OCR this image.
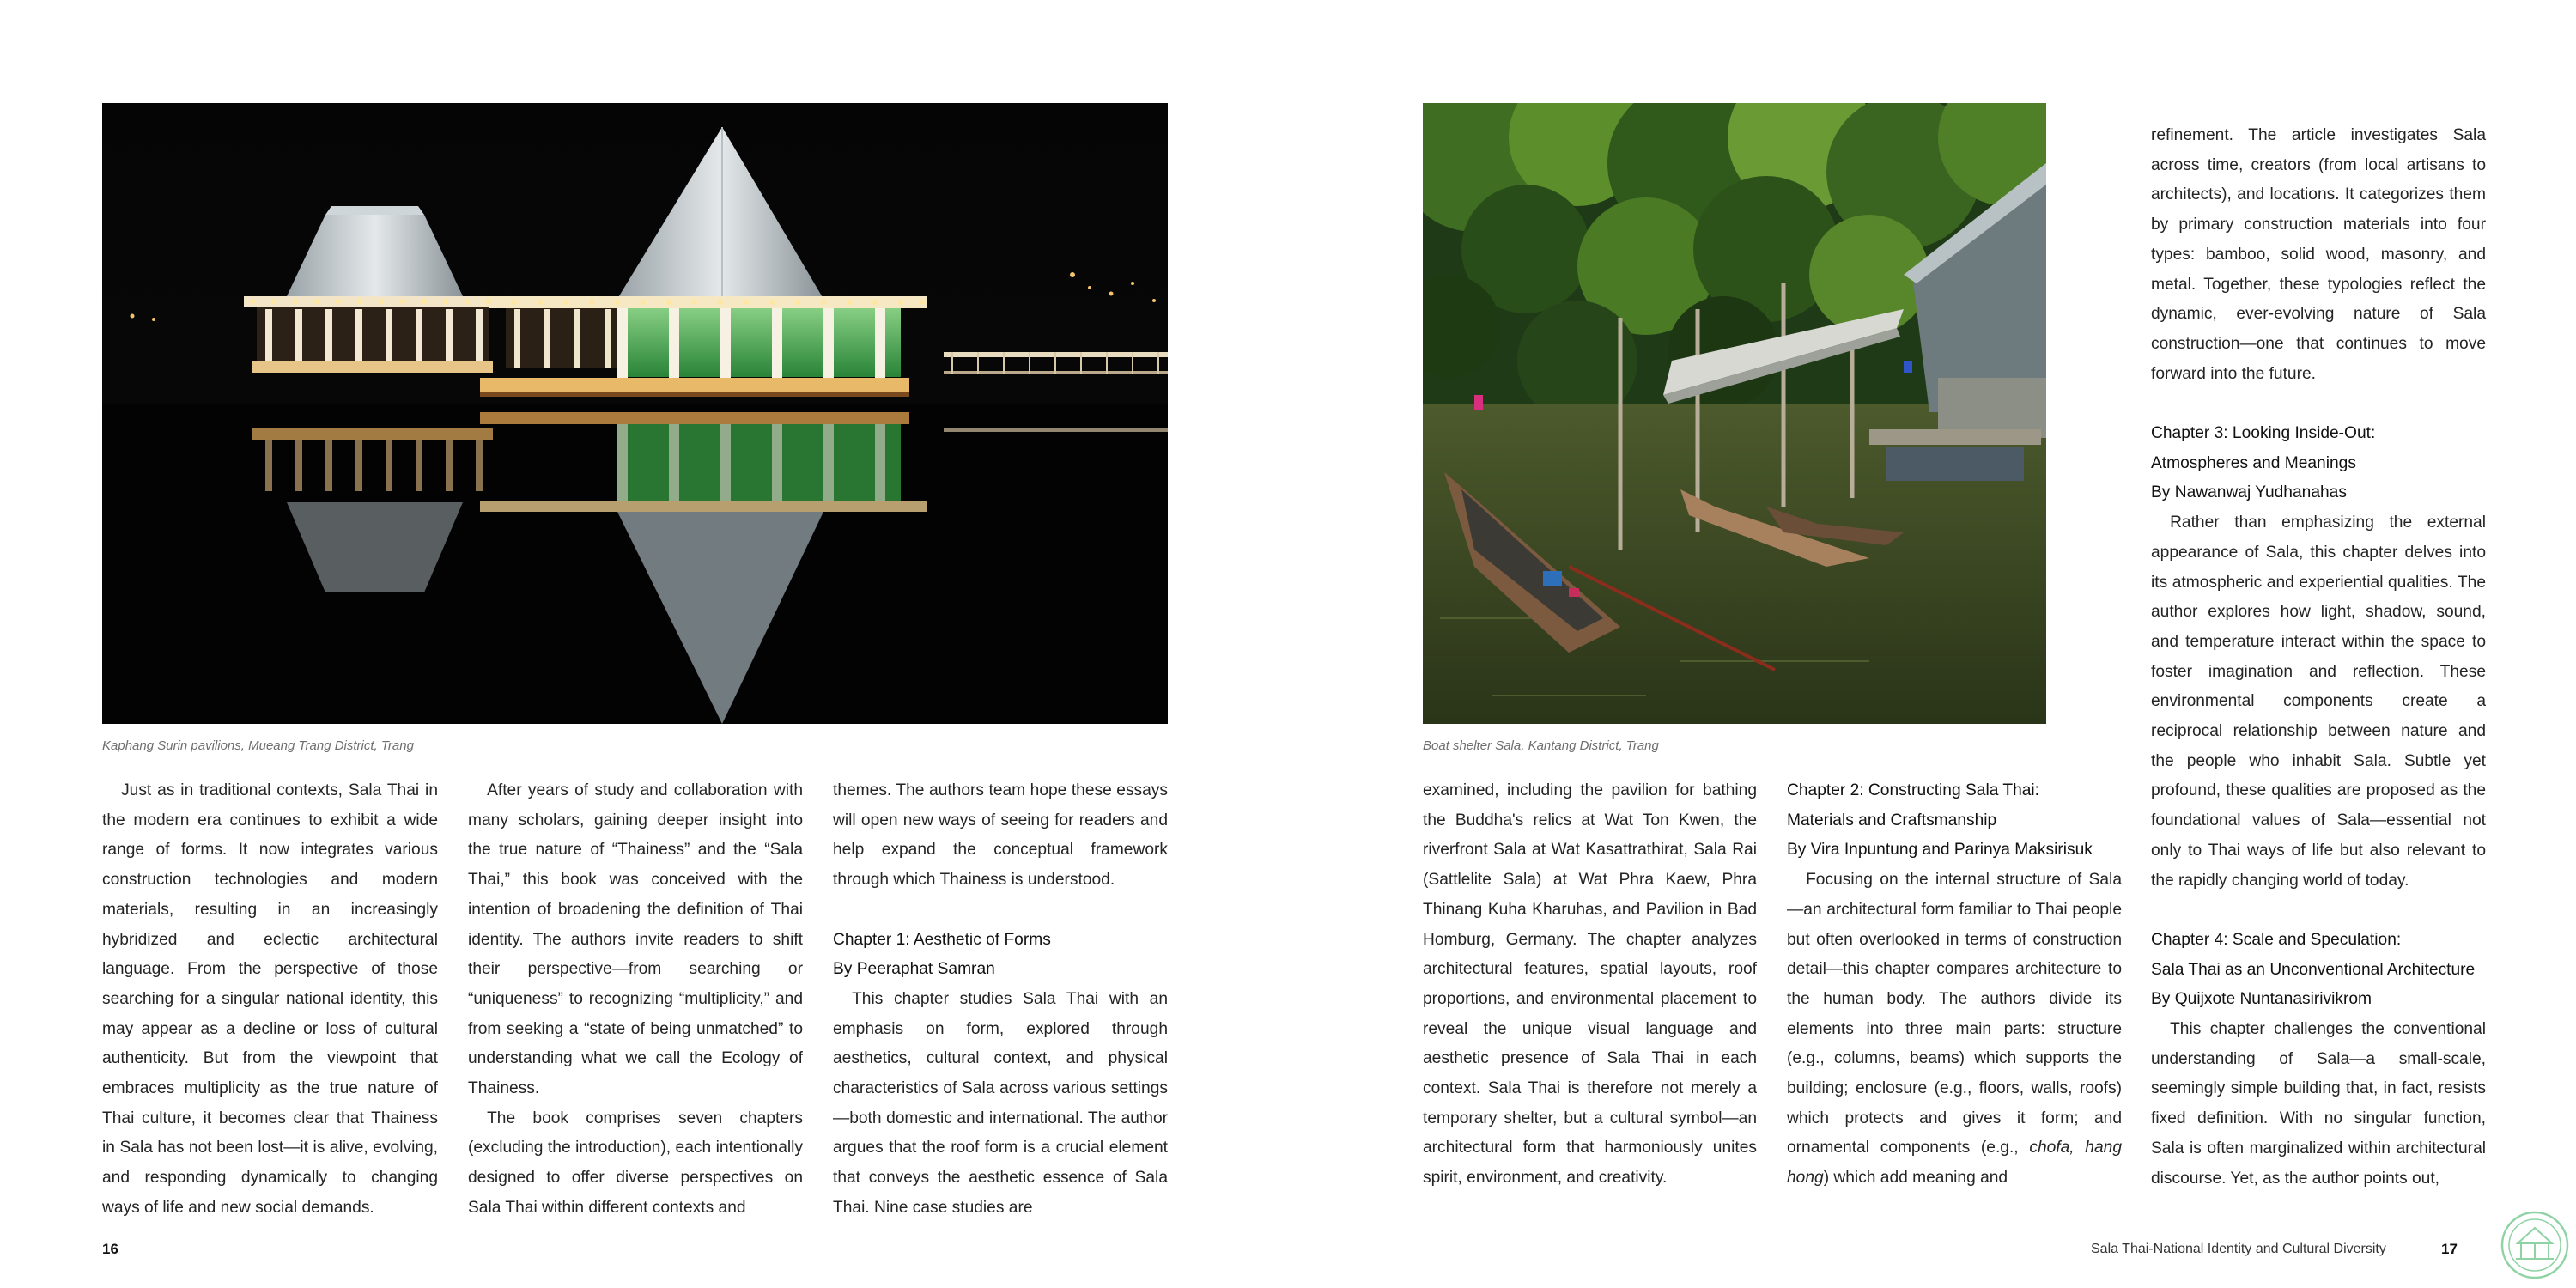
Kaphang Surin pavilions, Mueang Trang District, Trang

Just as in traditional contexts, Sala Thai in the modern era continues to exhibit a wide range of forms. It now integrates various construction technologies and modern materials, resulting in an increasingly hybridized and eclectic architectural language. From the perspective of those searching for a singular national identity, this may appear as a decline or loss of cultural authenticity. But from the viewpoint that embraces multiplicity as the true nature of Thai culture, it becomes clear that Thainess in Sala has not been lost—it is alive, evolving, and responding dynamically to changing ways of life and new social demands.

After years of study and collaboration with many scholars, gaining deeper insight into the true nature of “Thainess” and the “Sala Thai,” this book was conceived with the intention of broadening the definition of Thai identity. The authors invite readers to shift their perspective—from searching or “uniqueness” to recognizing “multiplicity,” and from seeking a “state of being unmatched” to understanding what we call the Ecology of Thainess.

The book comprises seven chapters (excluding the introduction), each intentionally designed to offer diverse perspectives on Sala Thai within different contexts and

themes. The authors team hope these essays will open new ways of seeing for readers and help expand the conceptual framework through which Thainess is understood.

Chapter 1: Aesthetic of Forms
By Peeraphat Samran

This chapter studies Sala Thai with an emphasis on form, explored through aesthetics, cultural context, and physical characteristics of Sala across various settings—both domestic and international. The author argues that the roof form is a crucial element that conveys the aesthetic essence of Sala Thai. Nine case studies are

16
Boat shelter Sala, Kantang District, Trang

examined, including the pavilion for bathing the Buddha's relics at Wat Ton Kwen, the riverfront Sala at Wat Kasattrathirat, Sala Rai (Sattlelite Sala) at Wat Phra Kaew, Phra Thinang Kuha Kharuhas, and Pavilion in Bad Homburg, Germany. The chapter analyzes architectural features, spatial layouts, roof proportions, and environmental placement to reveal the unique visual language and aesthetic presence of Sala Thai in each context. Sala Thai is therefore not merely a temporary shelter, but a cultural symbol—an architectural form that harmoniously unites spirit, environment, and creativity.

Chapter 2: Constructing Sala Thai:
Materials and Craftsmanship
By Vira Inpuntung and Parinya Maksirisuk

Focusing on the internal structure of Sala—an architectural form familiar to Thai people but often overlooked in terms of construction detail—this chapter compares architecture to the human body. The authors divide its elements into three main parts: structure (e.g., columns, beams) which supports the building; enclosure (e.g., floors, walls, roofs) which protects and gives it form; and ornamental components (e.g., chofa, hang hong) which add meaning and

refinement. The article investigates Sala across time, creators (from local artisans to architects), and locations. It categorizes them by primary construction materials into four types: bamboo, solid wood, masonry, and metal. Together, these typologies reflect the dynamic, ever-evolving nature of Sala construction—one that continues to move forward into the future.

Chapter 3: Looking Inside-Out:
Atmospheres and Meanings
By Nawanwaj Yudhanahas

Rather than emphasizing the external appearance of Sala, this chapter delves into its atmospheric and experiential qualities. The author explores how light, shadow, sound, and temperature interact within the space to foster imagination and reflection. These environmental components create a reciprocal relationship between nature and the people who inhabit Sala. Subtle yet profound, these qualities are proposed as the foundational values of Sala—essential not only to Thai ways of life but also relevant to the rapidly changing world of today.

Chapter 4: Scale and Speculation:
Sala Thai as an Unconventional Architecture
By Quijxote Nuntanasirivikrom

This chapter challenges the conventional understanding of Sala—a small-scale, seemingly simple building that, in fact, resists fixed definition. With no singular function, Sala is often marginalized within architectural discourse. Yet, as the author points out,

Sala Thai-National Identity and Cultural Diversity	17
